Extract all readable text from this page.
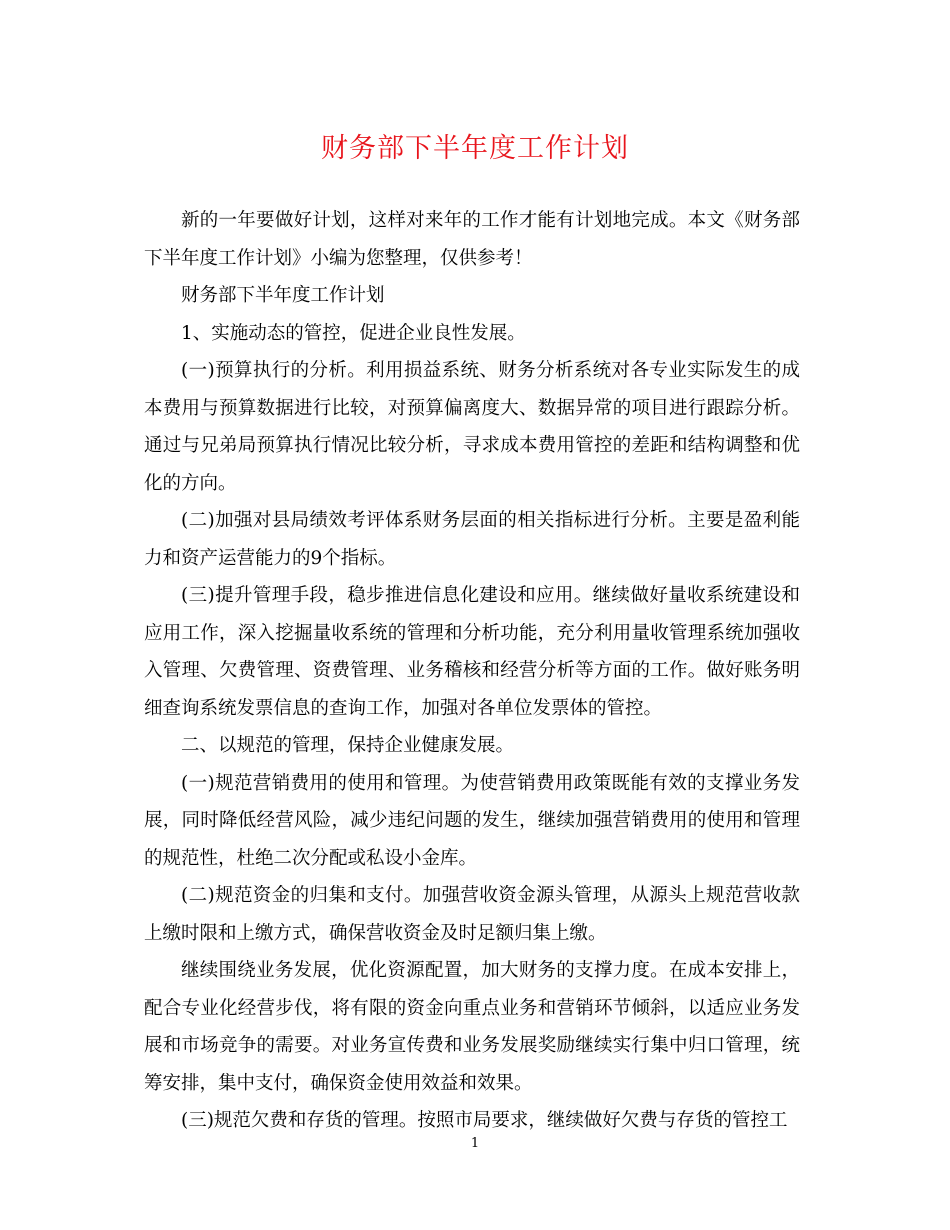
财务部下半年度工作计划

新的一年要做好计划，这样对来年的工作才能有计划地完成。本文《财务部下半年度工作计划》小编为您整理，仅供参考！

财务部下半年度工作计划

1、实施动态的管控，促进企业良性发展。

(一)预算执行的分析。利用损益系统、财务分析系统对各专业实际发生的成本费用与预算数据进行比较，对预算偏离度大、数据异常的项目进行跟踪分析。通过与兄弟局预算执行情况比较分析，寻求成本费用管控的差距和结构调整和优化的方向。

(二)加强对县局绩效考评体系财务层面的相关指标进行分析。主要是盈利能力和资产运营能力的9个指标。

(三)提升管理手段，稳步推进信息化建设和应用。继续做好量收系统建设和应用工作，深入挖掘量收系统的管理和分析功能，充分利用量收管理系统加强收入管理、欠费管理、资费管理、业务稽核和经营分析等方面的工作。做好账务明细查询系统发票信息的查询工作，加强对各单位发票体的管控。

二、以规范的管理，保持企业健康发展。

(一)规范营销费用的使用和管理。为使营销费用政策既能有效的支撑业务发展，同时降低经营风险，减少违纪问题的发生，继续加强营销费用的使用和管理的规范性，杜绝二次分配或私设小金库。

(二)规范资金的归集和支付。加强营收资金源头管理，从源头上规范营收款上缴时限和上缴方式，确保营收资金及时足额归集上缴。

继续围绕业务发展，优化资源配置，加大财务的支撑力度。在成本安排上，配合专业化经营步伐，将有限的资金向重点业务和营销环节倾斜，以适应业务发展和市场竞争的需要。对业务宣传费和业务发展奖励继续实行集中归口管理，统筹安排，集中支付，确保资金使用效益和效果。

(三)规范欠费和存货的管理。按照市局要求，继续做好欠费与存货的管控工

1
